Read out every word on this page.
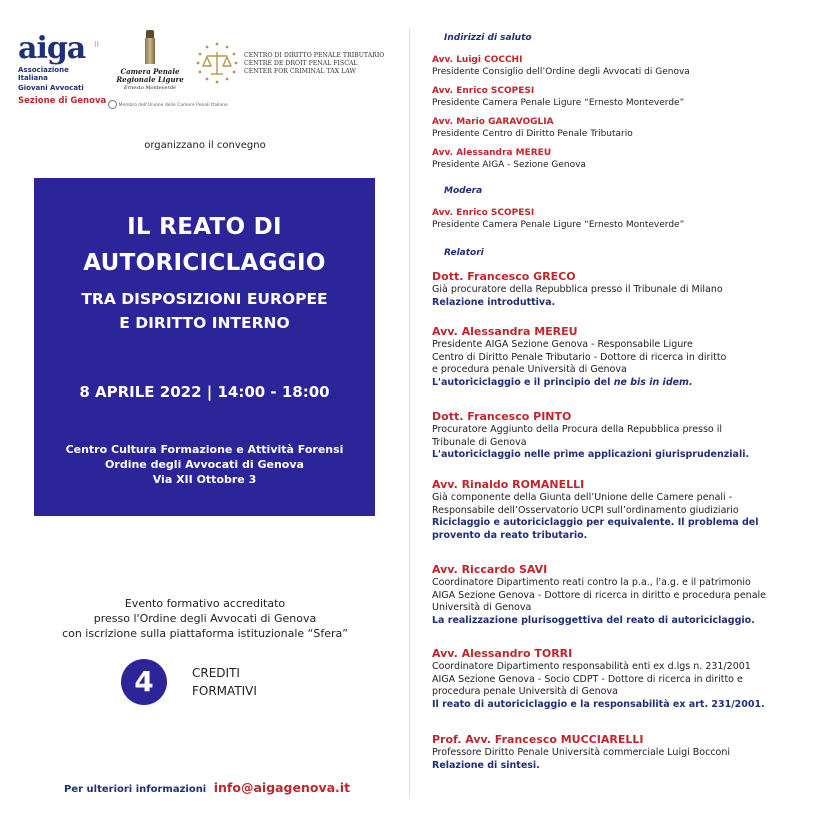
aiga	⁝⁝
Associazione Italiana
Giovani Avvocati
Sezione di Genova
Camera Penale
Regionale Ligure
Ernesto Monteverde
Membro dell'Unione delle Camere Penali Italiane
CENTRO DI DIRITTO PENALE TRIBUTARIO
CENTRE DE DROIT PENAL FISCAL
CENTER FOR CRIMINAL TAX LAW
organizzano il convegno
IL REATO DI
AUTORICICLAGGIO
TRA DISPOSIZIONI EUROPEE
E DIRITTO INTERNO
8 APRILE 2022 | 14:00 - 18:00
Centro Cultura Formazione e Attività Forensi
Ordine degli Avvocati di Genova
Via XII Ottobre 3
Evento formativo accreditato
presso l'Ordine degli Avvocati di Genova
con iscrizione sulla piattaforma istituzionale “Sfera”
4	CREDITI
FORMATIVI
Per ulteriori informazioni info@aigagenova.it
Indirizzi di saluto
Avv. Luigi COCCHI
Presidente Consiglio dell’Ordine degli Avvocati di Genova
Avv. Enrico SCOPESI
Presidente Camera Penale Ligure “Ernesto Monteverde”
Avv. Mario GARAVOGLIA
Presidente Centro di Diritto Penale Tributario
Avv. Alessandra MEREU
Presidente AIGA - Sezione Genova
Modera
Avv. Enrico SCOPESI
Presidente Camera Penale Ligure “Ernesto Monteverde”
Relatori
Dott. Francesco GRECO
Già procuratore della Repubblica presso il Tribunale di Milano
Relazione introduttiva.
Avv. Alessandra MEREU
Presidente AIGA Sezione Genova - Responsabile Ligure
Centro di Diritto Penale Tributario - Dottore di ricerca in diritto
e procedura penale Università di Genova
L'autoriciclaggio e il principio del ne bis in idem.
Dott. Francesco PINTO
Procuratore Aggiunto della Procura della Repubblica presso il
Tribunale di Genova
L'autoriciclaggio nelle prime applicazioni giurisprudenziali.
Avv. Rinaldo ROMANELLI
Già componente della Giunta dell’Unione delle Camere penali -
Responsabile dell’Osservatorio UCPI sull’ordinamento giudiziario
Riciclaggio e autoriciclaggio per equivalente. Il problema del
provento da reato tributario.
Avv. Riccardo SAVI
Coordinatore Dipartimento reati contro la p.a., l'a.g. e il patrimonio
AIGA Sezione Genova - Dottore di ricerca in diritto e procedura penale
Università di Genova
La realizzazione plurisoggettiva del reato di autoriciclaggio.
Avv. Alessandro TORRI
Coordinatore Dipartimento responsabilità enti ex d.lgs n. 231/2001
AIGA Sezione Genova - Socio CDPT - Dottore di ricerca in diritto e
procedura penale Università di Genova
Il reato di autoriciclaggio e la responsabilità ex art. 231/2001.
Prof. Avv. Francesco MUCCIARELLI
Professore Diritto Penale Università commerciale Luigi Bocconi
Relazione di sintesi.
